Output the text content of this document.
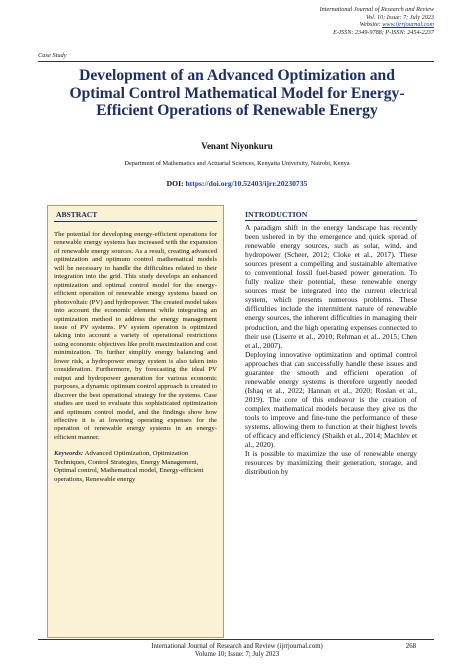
International Journal of Research and Review
Vol. 10; Issue: 7; July 2023
Website: www.ijrrjournal.com
E-ISSN: 2349-9788; P-ISSN: 2454-2237
Case Study
Development of an Advanced Optimization and Optimal Control Mathematical Model for Energy-Efficient Operations of Renewable Energy
Venant Niyonkuru
Department of Mathematics and Actuarial Sciences, Kenyatta University, Nairobi, Kenya
DOI: https://doi.org/10.52403/ijrr.20230735
ABSTRACT

The potential for developing energy-efficient operations for renewable energy systems has increased with the expansion of renewable energy sources. As a result, creating advanced optimization and optimum control mathematical models will be necessary to handle the difficulties related to their integration into the grid. This study develops an enhanced optimization and optimal control model for the energy-efficient operation of renewable energy systems based on photovoltaic (PV) and hydropower. The created model takes into account the economic element while integrating an optimization method to address the energy management issue of PV systems. PV system operation is optimized taking into account a variety of operational restrictions using economic objectives like profit maximization and cost minimization. To further simplify energy balancing and lower risk, a hydropower energy system is also taken into consideration. Furthermore, by forecasting the ideal PV output and hydropower generation for various economic purposes, a dynamic optimum control approach is created to discover the best operational strategy for the systems. Case studies are used to evaluate this sophisticated optimization and optimum control model, and the findings show how effective it is at lowering operating expenses for the operation of renewable energy systems in an energy-efficient manner.

Keywords: Advanced Optimization, Optimization Techniques, Control Strategies, Energy Management, Optimal control, Mathematical model, Energy-efficient operations, Renewable energy
INTRODUCTION

A paradigm shift in the energy landscape has recently been ushered in by the emergence and quick spread of renewable energy sources, such as solar, wind, and hydropower (Scheer, 2012; Cloke et al., 2017). These sources present a compelling and sustainable alternative to conventional fossil fuel-based power generation. To fully realize their potential, these renewable energy sources must be integrated into the current electrical system, which presents numerous problems. These difficulties include the intermittent nature of renewable energy sources, the inherent difficulties in managing their production, and the high operating expenses connected to their use (Liserre et al., 2010; Rehman et al., 2015; Chen et al., 2007).

Deploying innovative optimization and optimal control approaches that can successfully handle these issues and guarantee the smooth and efficient operation of renewable energy systems is therefore urgently needed (Ishaq et al., 2022; Hannan et al., 2020; Roslan et al., 2019). The core of this endeavor is the creation of complex mathematical models because they give us the tools to improve and fine-tune the performance of these systems, allowing them to function at their highest levels of efficacy and efficiency (Shaikh et al., 2014; Machlev et al., 2020).

It is possible to maximize the use of renewable energy resources by maximizing their generation, storage, and distribution by

International Journal of Research and Review (ijrrjournal.com)
Volume 10; Issue: 7; July 2023
268
